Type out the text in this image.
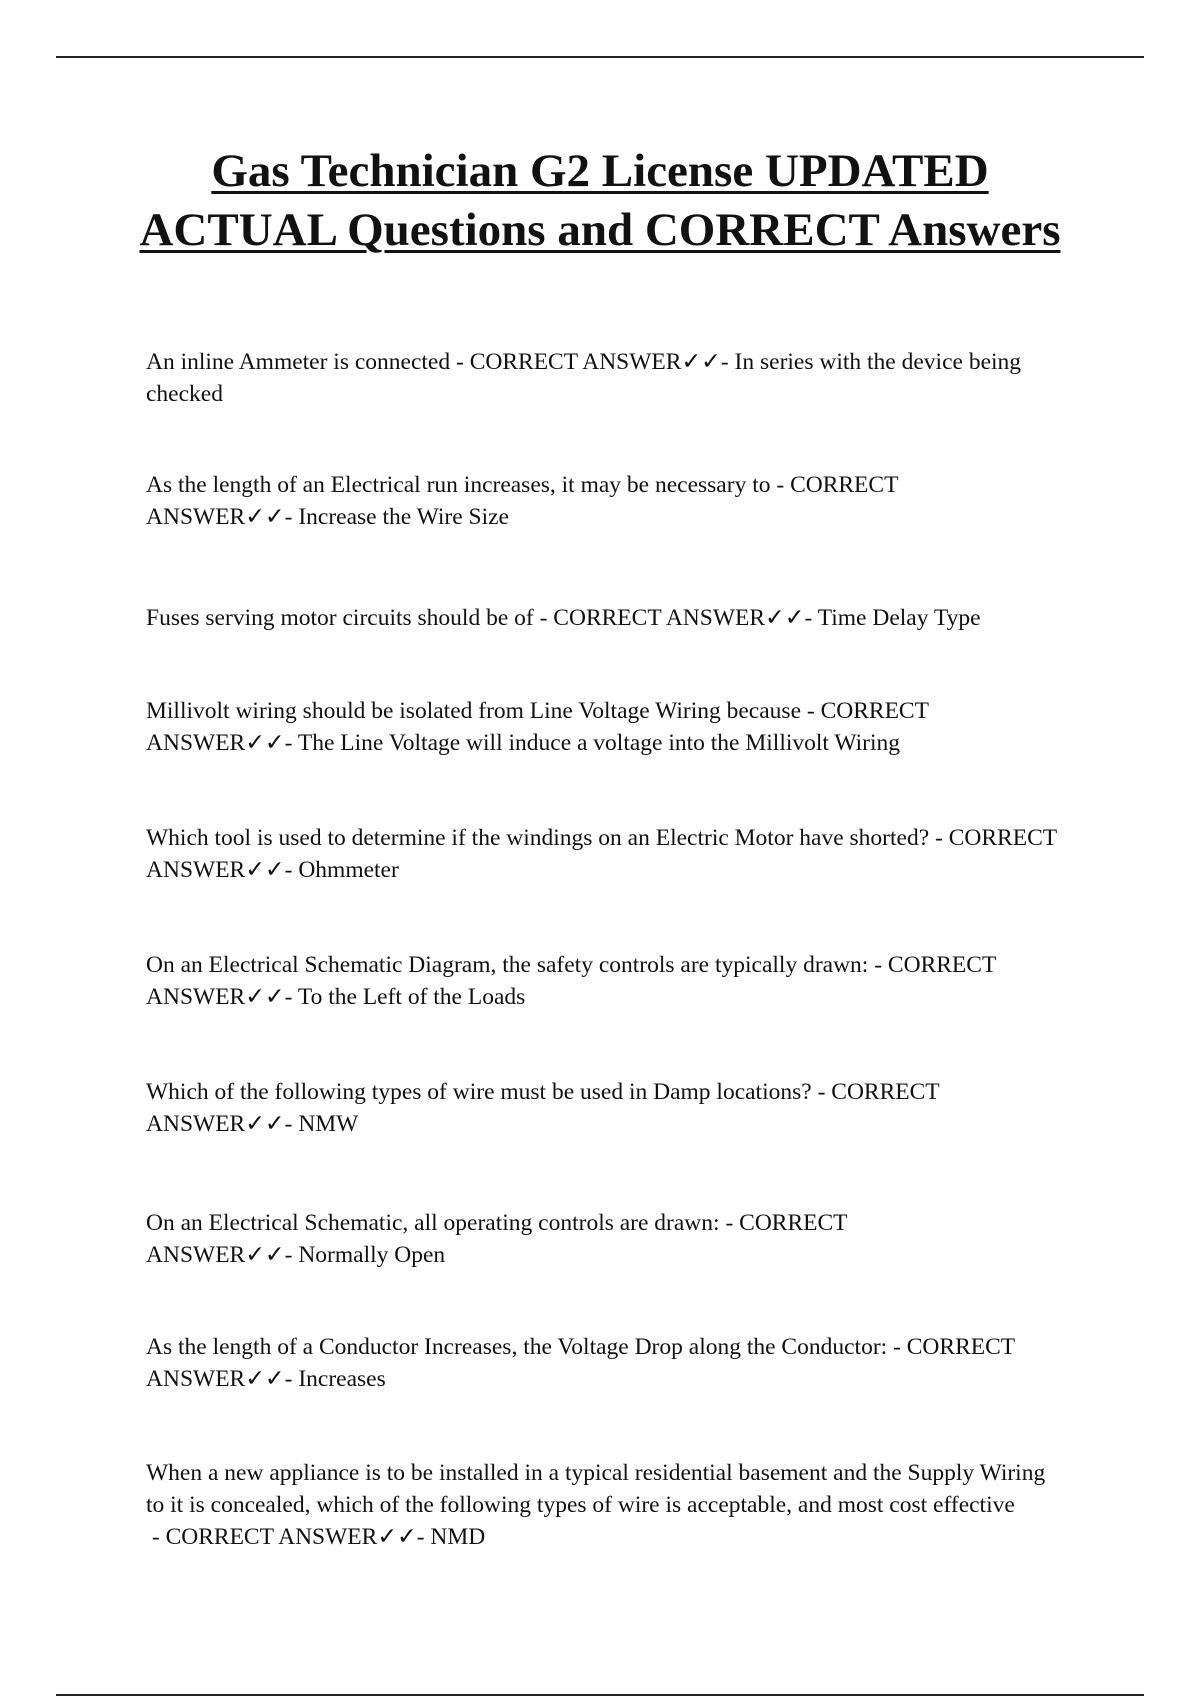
Gas Technician G2 License UPDATED ACTUAL Questions and CORRECT Answers

An inline Ammeter is connected - CORRECT ANSWER✓✓- In series with the device being checked

As the length of an Electrical run increases, it may be necessary to - CORRECT ANSWER✓✓- Increase the Wire Size

Fuses serving motor circuits should be of - CORRECT ANSWER✓✓- Time Delay Type

Millivolt wiring should be isolated from Line Voltage Wiring because - CORRECT ANSWER✓✓- The Line Voltage will induce a voltage into the Millivolt Wiring

Which tool is used to determine if the windings on an Electric Motor have shorted? - CORRECT ANSWER✓✓- Ohmmeter

On an Electrical Schematic Diagram, the safety controls are typically drawn: - CORRECT ANSWER✓✓- To the Left of the Loads

Which of the following types of wire must be used in Damp locations? - CORRECT ANSWER✓✓- NMW

On an Electrical Schematic, all operating controls are drawn: - CORRECT ANSWER✓✓- Normally Open

As the length of a Conductor Increases, the Voltage Drop along the Conductor: - CORRECT ANSWER✓✓- Increases

When a new appliance is to be installed in a typical residential basement and the Supply Wiring to it is concealed, which of the following types of wire is acceptable, and most cost effective - CORRECT ANSWER✓✓- NMD
